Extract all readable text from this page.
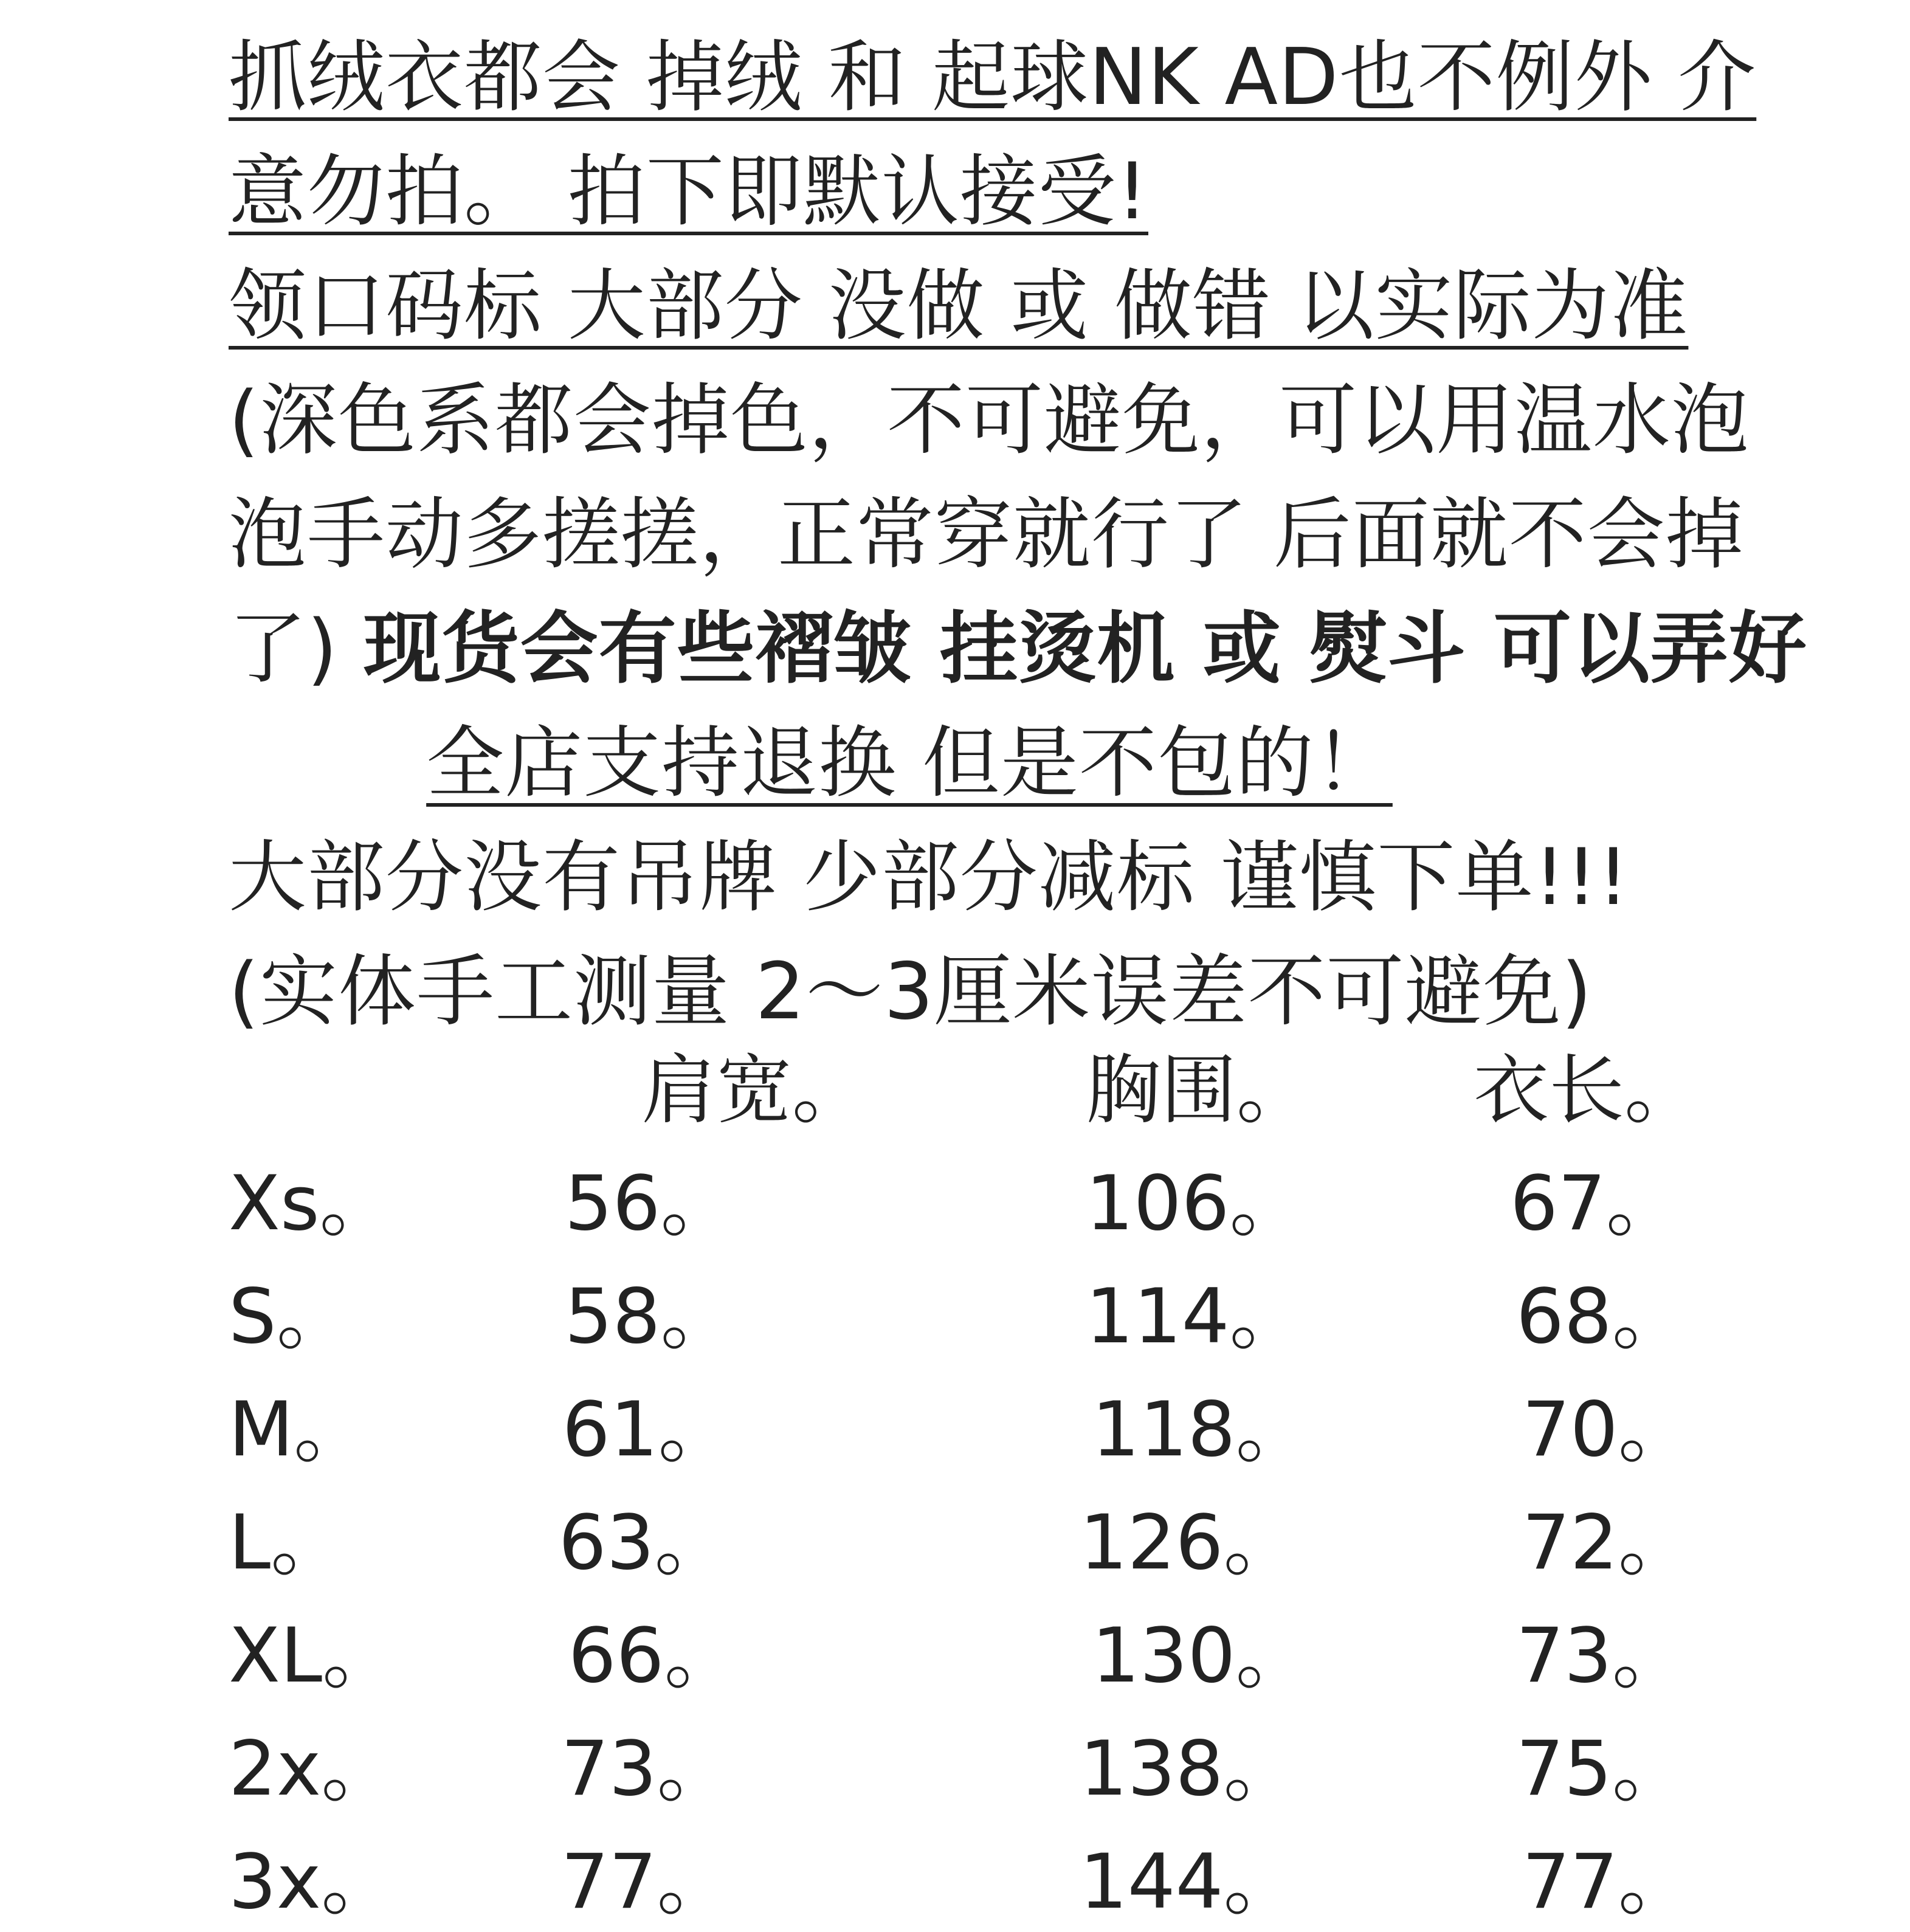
抓绒衣都会 掉绒 和 起球NK AD也不例外 介
意勿拍。 拍下即默认接受!
领口码标 大部分 没做 或 做错 以实际为准
(深色系都会掉色，不可避免，可以用温水泡
泡手动多搓搓，正常穿就行了 后面就不会掉
了) 现货会有些褶皱 挂烫机 或 熨斗 可以弄好
全店支持退换 但是不包的！
大部分没有吊牌 少部分减标 谨慎下单!!!
(实体手工测量 2～3厘米误差不可避免)
	肩宽。	胸围。	衣长。
Xs。	56。	106。	67。
S。	58。	114。	68。
M。	61。	118。	70。
L。	63。	126。	72。
XL。	66。	130。	73。
2x。	73。	138。	75。
3x。	77。	144。	77。
